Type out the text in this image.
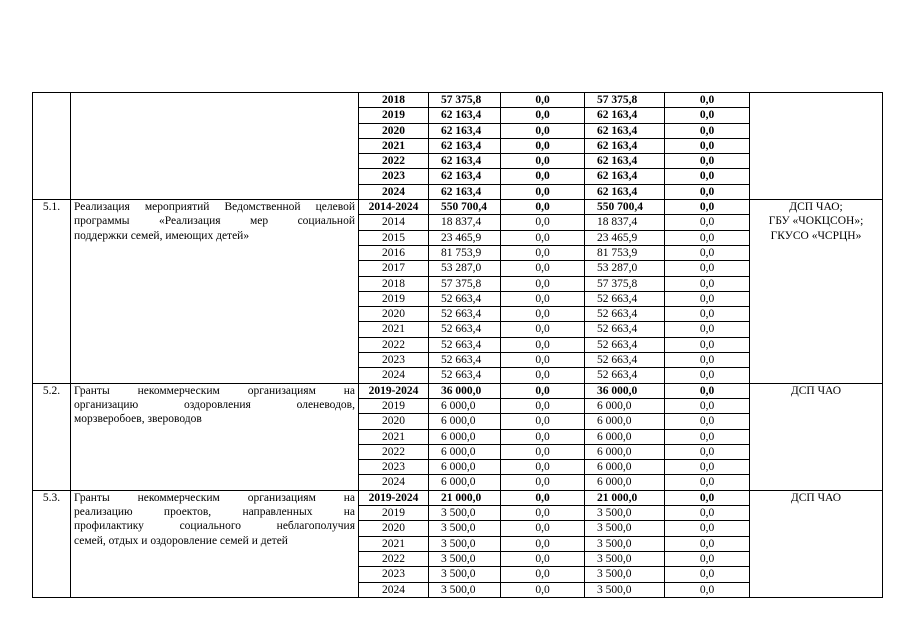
		2018	57 375,8	0,0	57 375,8	0,0	
		2019	62 163,4	0,0	62 163,4	0,0	
		2020	62 163,4	0,0	62 163,4	0,0	
		2021	62 163,4	0,0	62 163,4	0,0	
		2022	62 163,4	0,0	62 163,4	0,0	
		2023	62 163,4	0,0	62 163,4	0,0	
		2024	62 163,4	0,0	62 163,4	0,0	
5.1.	Реализация мероприятий Ведомственной целевой
программы «Реализация мер социальной
поддержки семей, имеющих детей»	2014-2024	550 700,4	0,0	550 700,4	0,0	ДСП ЧАО;
ГБУ «ЧОКЦСОН»;
ГКУСО «ЧСРЦН»

		2014	18 837,4	0,0	18 837,4	0,0	
		2015	23 465,9	0,0	23 465,9	0,0	
		2016	81 753,9	0,0	81 753,9	0,0	
		2017	53 287,0	0,0	53 287,0	0,0	
		2018	57 375,8	0,0	57 375,8	0,0	
		2019	52 663,4	0,0	52 663,4	0,0	
		2020	52 663,4	0,0	52 663,4	0,0	
		2021	52 663,4	0,0	52 663,4	0,0	
		2022	52 663,4	0,0	52 663,4	0,0	
		2023	52 663,4	0,0	52 663,4	0,0	
		2024	52 663,4	0,0	52 663,4	0,0	
5.2.	Гранты некоммерческим организациям на
организацию оздоровления оленеводов,
морзверобоев, звероводов	2019-2024	36 000,0	0,0	36 000,0	0,0	ДСП ЧАО

		2019	6 000,0	0,0	6 000,0	0,0	
		2020	6 000,0	0,0	6 000,0	0,0	
		2021	6 000,0	0,0	6 000,0	0,0	
		2022	6 000,0	0,0	6 000,0	0,0	
		2023	6 000,0	0,0	6 000,0	0,0	
		2024	6 000,0	0,0	6 000,0	0,0	
5.3.	Гранты некоммерческим организациям на
реализацию проектов, направленных на
профилактику социального неблагополучия
семей, отдых и оздоровление семей и детей	2019-2024	21 000,0	0,0	21 000,0	0,0	ДСП ЧАО

		2019	3 500,0	0,0	3 500,0	0,0	
		2020	3 500,0	0,0	3 500,0	0,0	
		2021	3 500,0	0,0	3 500,0	0,0	
		2022	3 500,0	0,0	3 500,0	0,0	
		2023	3 500,0	0,0	3 500,0	0,0	
		2024	3 500,0	0,0	3 500,0	0,0	
